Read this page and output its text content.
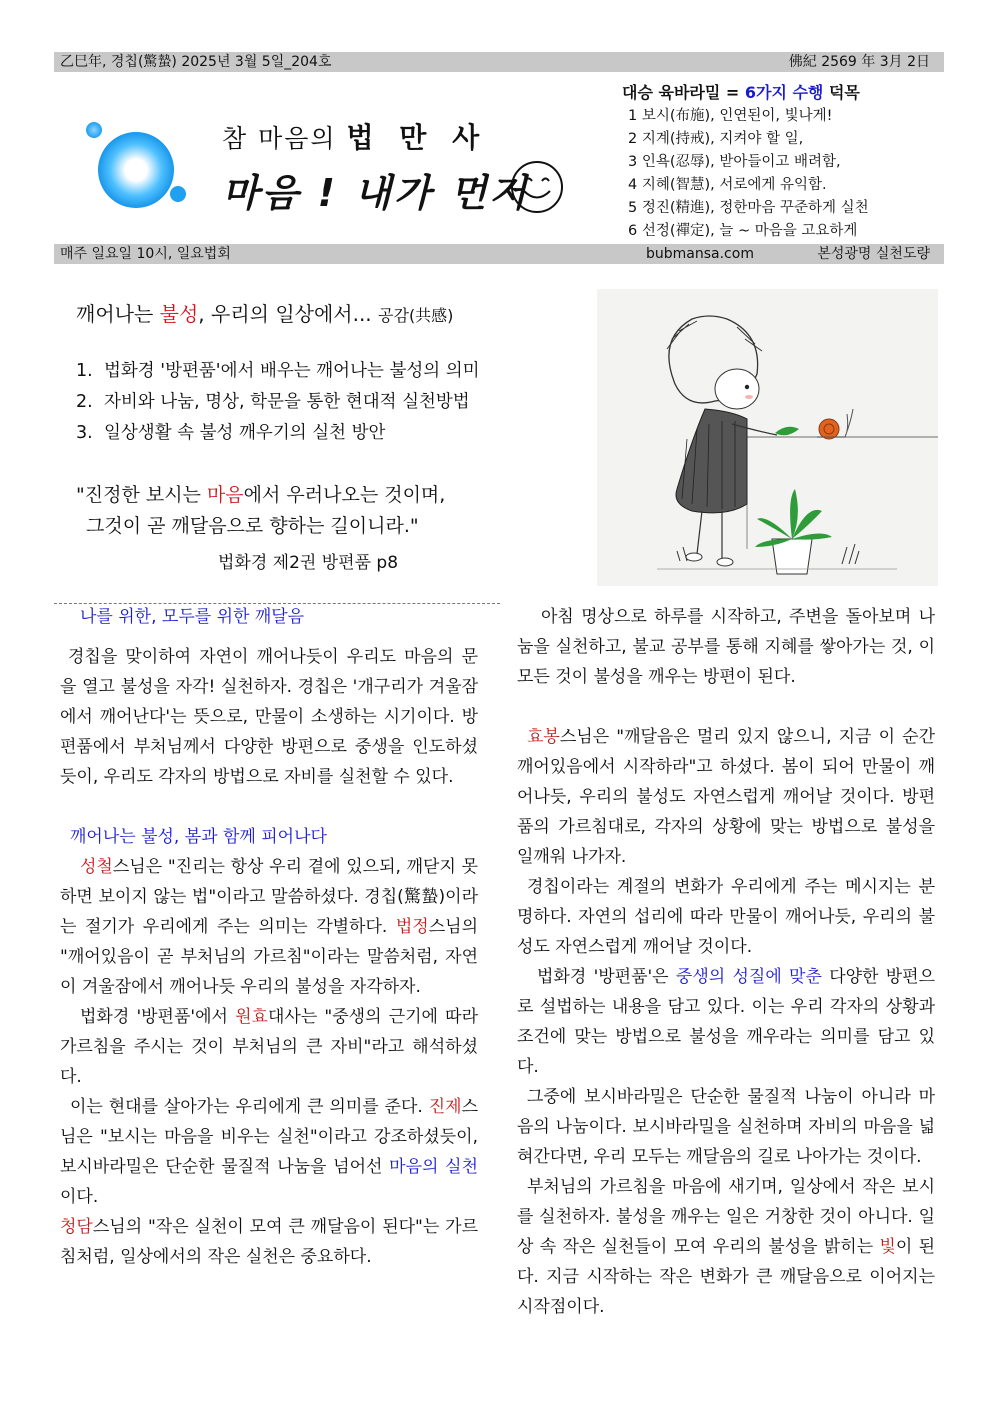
乙巳年, 경칩(驚蟄) 2025년 3월 5일_204호	佛紀 2569 年 3月 2日
참 마음의 법 만 사
마음 ! 내가 먼저
대승 육바라밀 = 6가지 수행 덕목
1 보시(布施), 인연된이, 빛나게!
2 지계(持戒), 지켜야 할 일,
3 인욕(忍辱), 받아들이고 배려함,
4 지혜(智慧), 서로에게 유익함.
5 정진(精進), 정한마음 꾸준하게 실천
6 선정(禪定), 늘 ~ 마음을 고요하게
매주 일요일 10시, 일요법회	bubmansa.com	본성광명 실천도량
깨어나는 불성, 우리의 일상에서... 공감(共感)
1. 법화경 '방편품'에서 배우는 깨어나는 불성의 의미
2. 자비와 나눔, 명상, 학문을 통한 현대적 실천방법
3. 일상생활 속 불성 깨우기의 실천 방안
"진정한 보시는 마음에서 우러나오는 것이며,
그것이 곧 깨달음으로 향하는 길이니라."
법화경 제2권 방편품 p8

나를 위한, 모두를 위한 깨달음

경칩을 맞이하여 자연이 깨어나듯이 우리도 마음의 문을 열고 불성을 자각! 실천하자. 경칩은 '개구리가 겨울잠에서 깨어난다'는 뜻으로, 만물이 소생하는 시기이다. 방편품에서 부처님께서 다양한 방편으로 중생을 인도하셨듯이, 우리도 각자의 방법으로 자비를 실천할 수 있다.

깨어나는 불성, 봄과 함께 피어나다

성철스님은 "진리는 항상 우리 곁에 있으되, 깨닫지 못하면 보이지 않는 법"이라고 말씀하셨다. 경칩(驚蟄)이라는 절기가 우리에게 주는 의미는 각별하다. 법정스님의 "깨어있음이 곧 부처님의 가르침"이라는 말씀처럼, 자연이 겨울잠에서 깨어나듯 우리의 불성을 자각하자.

법화경 '방편품'에서 원효대사는 "중생의 근기에 따라 가르침을 주시는 것이 부처님의 큰 자비"라고 해석하셨다.

이는 현대를 살아가는 우리에게 큰 의미를 준다. 진제스님은 "보시는 마음을 비우는 실천"이라고 강조하셨듯이, 보시바라밀은 단순한 물질적 나눔을 넘어선 마음의 실천이다.

청담스님의 "작은 실천이 모여 큰 깨달음이 된다"는 가르침처럼, 일상에서의 작은 실천은 중요하다.

아침 명상으로 하루를 시작하고, 주변을 돌아보며 나눔을 실천하고, 불교 공부를 통해 지혜를 쌓아가는 것, 이 모든 것이 불성을 깨우는 방편이 된다.

효봉스님은 "깨달음은 멀리 있지 않으니, 지금 이 순간 깨어있음에서 시작하라"고 하셨다. 봄이 되어 만물이 깨어나듯, 우리의 불성도 자연스럽게 깨어날 것이다. 방편품의 가르침대로, 각자의 상황에 맞는 방법으로 불성을 일깨워 나가자.

경칩이라는 계절의 변화가 우리에게 주는 메시지는 분명하다. 자연의 섭리에 따라 만물이 깨어나듯, 우리의 불성도 자연스럽게 깨어날 것이다.

법화경 '방편품'은 중생의 성질에 맞춘 다양한 방편으로 설법하는 내용을 담고 있다. 이는 우리 각자의 상황과 조건에 맞는 방법으로 불성을 깨우라는 의미를 담고 있다.

그중에 보시바라밀은 단순한 물질적 나눔이 아니라 마음의 나눔이다. 보시바라밀을 실천하며 자비의 마음을 넓혀간다면, 우리 모두는 깨달음의 길로 나아가는 것이다.

부처님의 가르침을 마음에 새기며, 일상에서 작은 보시를 실천하자. 불성을 깨우는 일은 거창한 것이 아니다. 일상 속 작은 실천들이 모여 우리의 불성을 밝히는 빛이 된다. 지금 시작하는 작은 변화가 큰 깨달음으로 이어지는 시작점이다.
